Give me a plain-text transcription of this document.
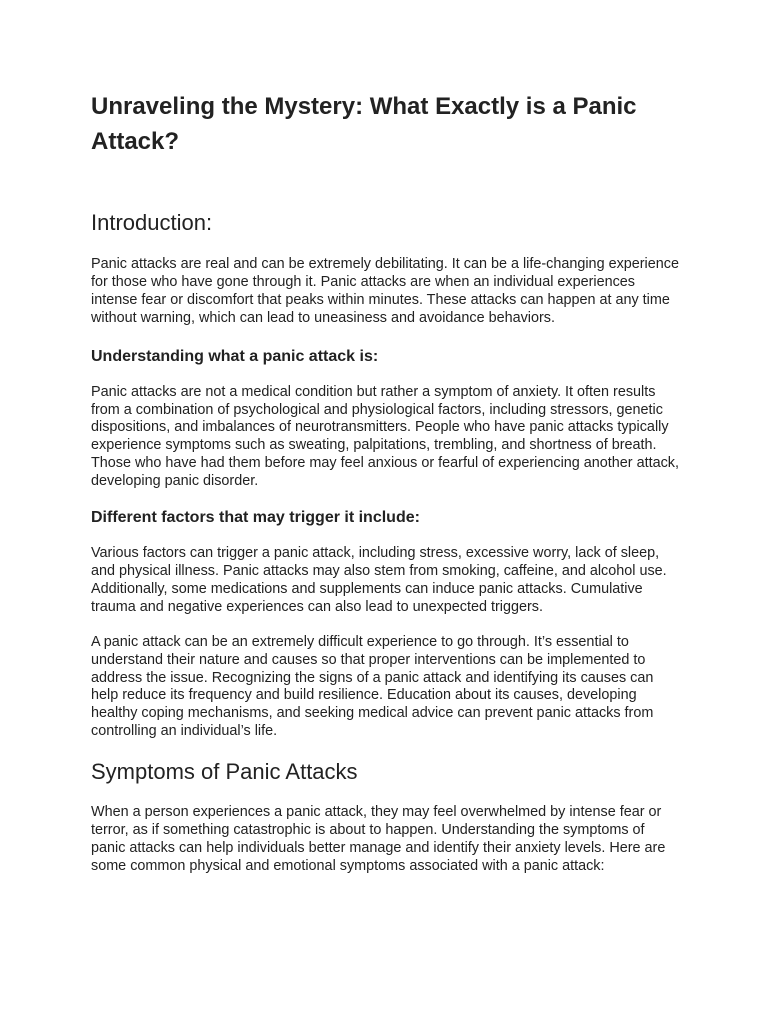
Unraveling the Mystery: What Exactly is a Panic Attack?
Introduction:

Panic attacks are real and can be extremely debilitating. It can be a life-changing experience for those who have gone through it. Panic attacks are when an individual experiences intense fear or discomfort that peaks within minutes. These attacks can happen at any time without warning, which can lead to uneasiness and avoidance behaviors.

Understanding what a panic attack is:

Panic attacks are not a medical condition but rather a symptom of anxiety. It often results from a combination of psychological and physiological factors, including stressors, genetic dispositions, and imbalances of neurotransmitters. People who have panic attacks typically experience symptoms such as sweating, palpitations, trembling, and shortness of breath. Those who have had them before may feel anxious or fearful of experiencing another attack, developing panic disorder.

Different factors that may trigger it include:

Various factors can trigger a panic attack, including stress, excessive worry, lack of sleep, and physical illness. Panic attacks may also stem from smoking, caffeine, and alcohol use. Additionally, some medications and supplements can induce panic attacks. Cumulative trauma and negative experiences can also lead to unexpected triggers.

A panic attack can be an extremely difficult experience to go through. It’s essential to understand their nature and causes so that proper interventions can be implemented to address the issue. Recognizing the signs of a panic attack and identifying its causes can help reduce its frequency and build resilience. Education about its causes, developing healthy coping mechanisms, and seeking medical advice can prevent panic attacks from controlling an individual’s life.

Symptoms of Panic Attacks

When a person experiences a panic attack, they may feel overwhelmed by intense fear or terror, as if something catastrophic is about to happen. Understanding the symptoms of panic attacks can help individuals better manage and identify their anxiety levels. Here are some common physical and emotional symptoms associated with a panic attack:
